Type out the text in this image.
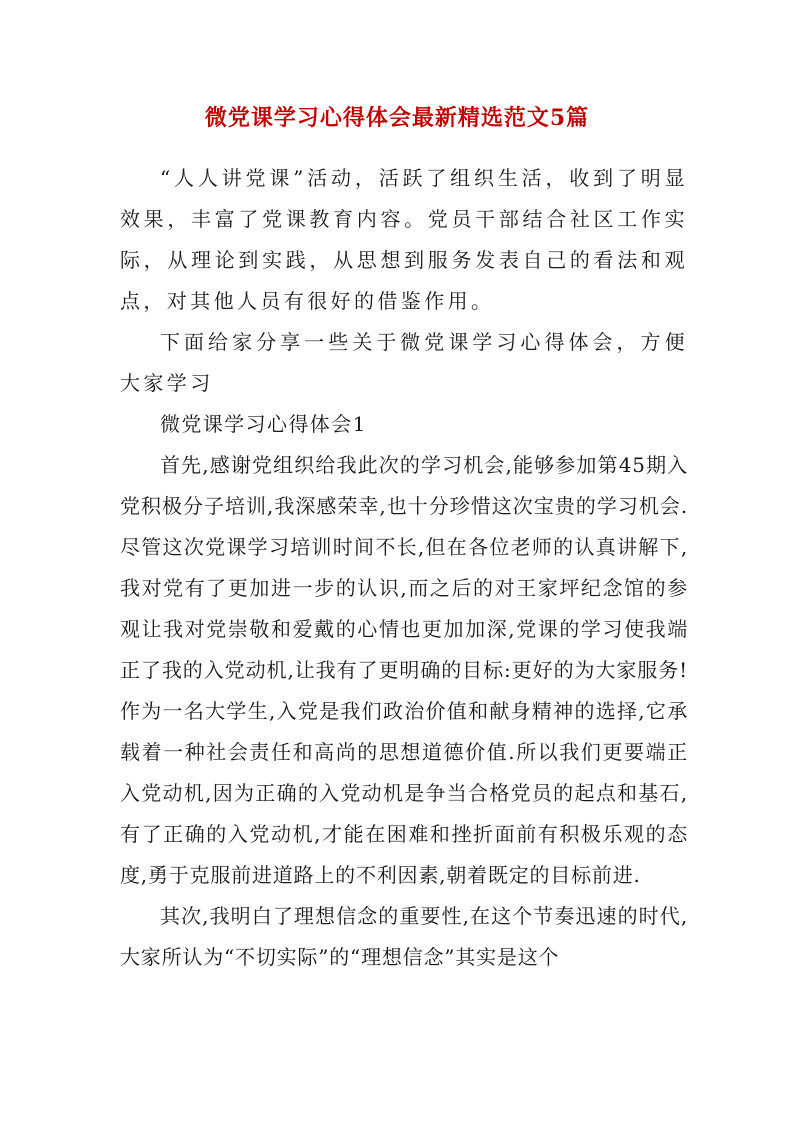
微党课学习心得体会最新精选范文5篇

“人人讲党课”活动，活跃了组织生活，收到了明显效果，丰富了党课教育内容。党员干部结合社区工作实际，从理论到实践，从思想到服务发表自己的看法和观点，对其他人员有很好的借鉴作用。

下面给家分享一些关于微党课学习心得体会，方便大家学习

微党课学习心得体会1

首先,感谢党组织给我此次的学习机会,能够参加第45期入党积极分子培训,我深感荣幸,也十分珍惜这次宝贵的学习机会.尽管这次党课学习培训时间不长,但在各位老师的认真讲解下,我对党有了更加进一步的认识,而之后的对王家坪纪念馆的参观让我对党崇敬和爱戴的心情也更加加深,党课的学习使我端正了我的入党动机,让我有了更明确的目标:更好的为大家服务!作为一名大学生,入党是我们政治价值和献身精神的选择,它承载着一种社会责任和高尚的思想道德价值.所以我们更要端正入党动机,因为正确的入党动机是争当合格党员的起点和基石,有了正确的入党动机,才能在困难和挫折面前有积极乐观的态度,勇于克服前进道路上的不利因素,朝着既定的目标前进.

其次,我明白了理想信念的重要性,在这个节奏迅速的时代,大家所认为“不切实际”的“理想信念”其实是这个
